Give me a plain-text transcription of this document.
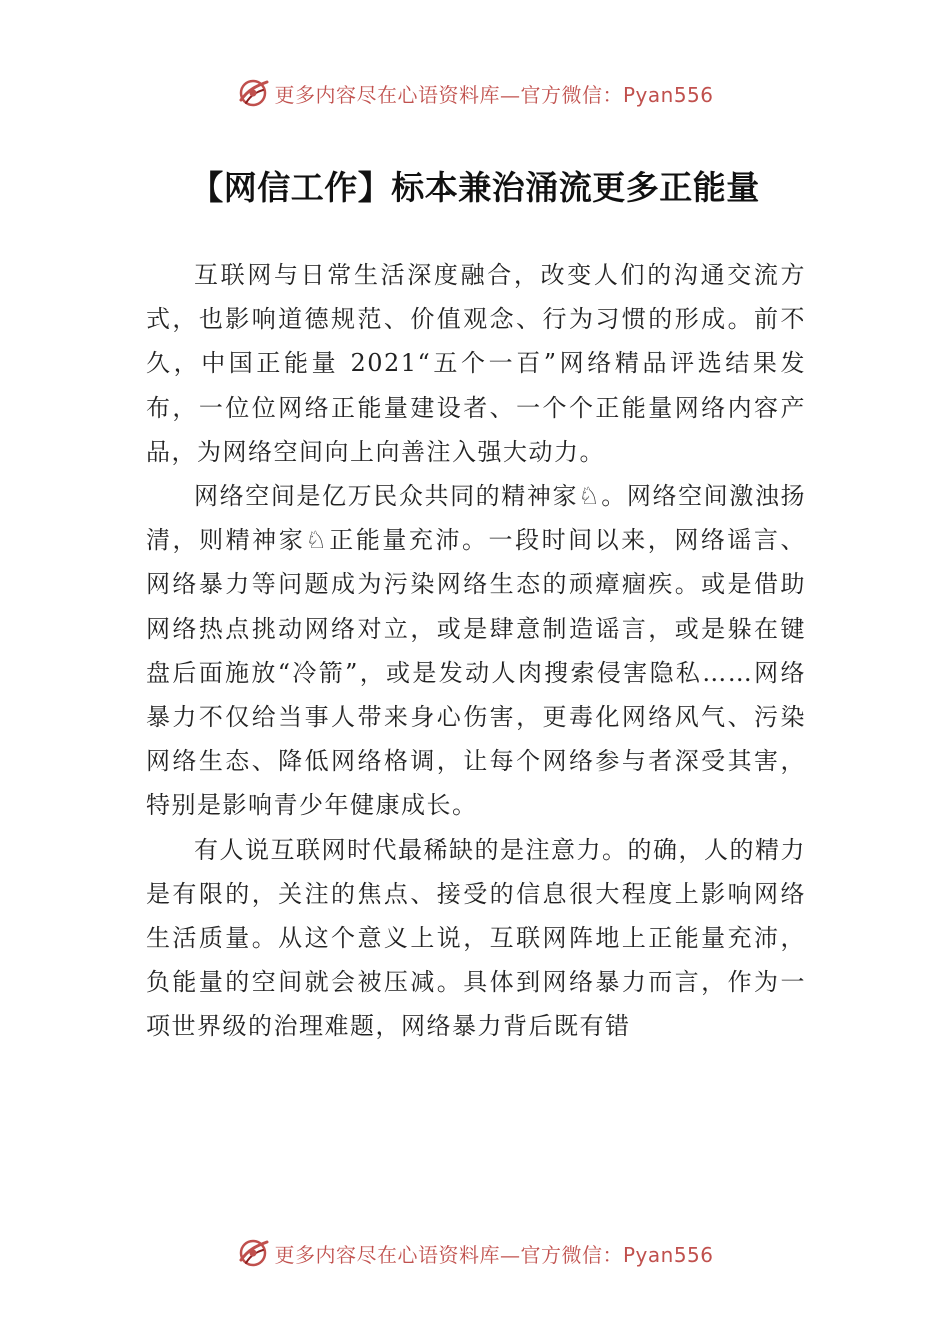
更多内容尽在心语资料库—官方微信：Pyan556
【网信工作】标本兼治涌流更多正能量

互联网与日常生活深度融合，改变人们的沟通交流方式，也影响道德规范、价值观念、行为习惯的形成。前不久，中国正能量 2021“五个一百”网络精品评选结果发布，一位位网络正能量建设者、一个个正能量网络内容产品，为网络空间向上向善注入强大动力。

网络空间是亿万民众共同的精神家♘。网络空间激浊扬清，则精神家♘正能量充沛。一段时间以来，网络谣言、网络暴力等问题成为污染网络生态的顽瘴痼疾。或是借助网络热点挑动网络对立，或是肆意制造谣言，或是躲在键盘后面施放“冷箭”，或是发动人肉搜索侵害隐私……网络暴力不仅给当事人带来身心伤害，更毒化网络风气、污染网络生态、降低网络格调，让每个网络参与者深受其害，特别是影响青少年健康成长。

有人说互联网时代最稀缺的是注意力。的确，人的精力是有限的，关注的焦点、接受的信息很大程度上影响网络生活质量。从这个意义上说，互联网阵地上正能量充沛，负能量的空间就会被压减。具体到网络暴力而言，作为一项世界级的治理难题，网络暴力背后既有错

更多内容尽在心语资料库—官方微信：Pyan556
